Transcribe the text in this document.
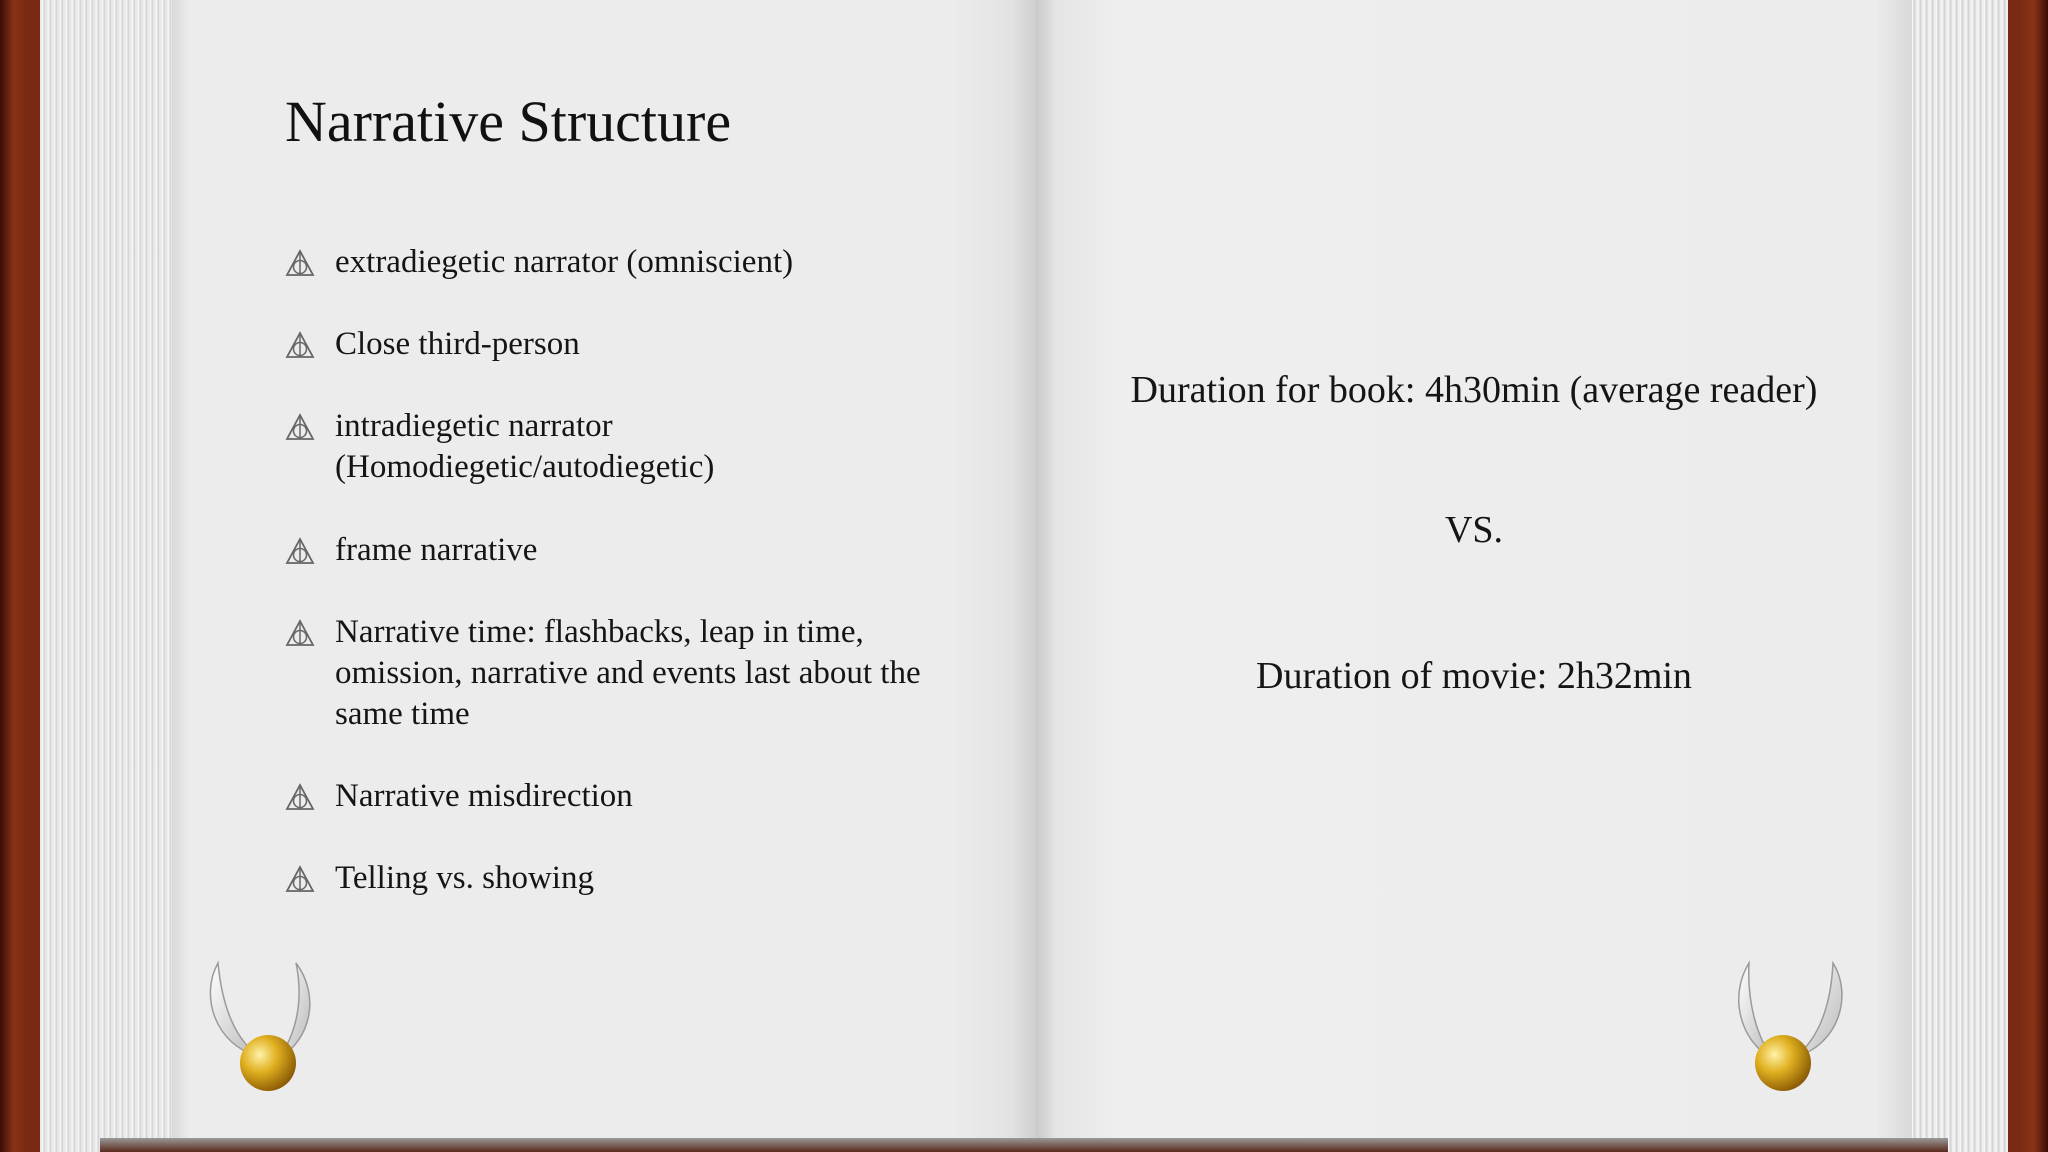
Narrative Structure
extradiegetic narrator (omniscient)
Close third-person
intradiegetic narrator
(Homodiegetic/autodiegetic)
frame narrative
Narrative time: flashbacks, leap in time,
omission, narrative and events last about the
same time
Narrative misdirection
Telling vs. showing
Duration for book: 4h30min (average reader)
VS.
Duration of movie: 2h32min
